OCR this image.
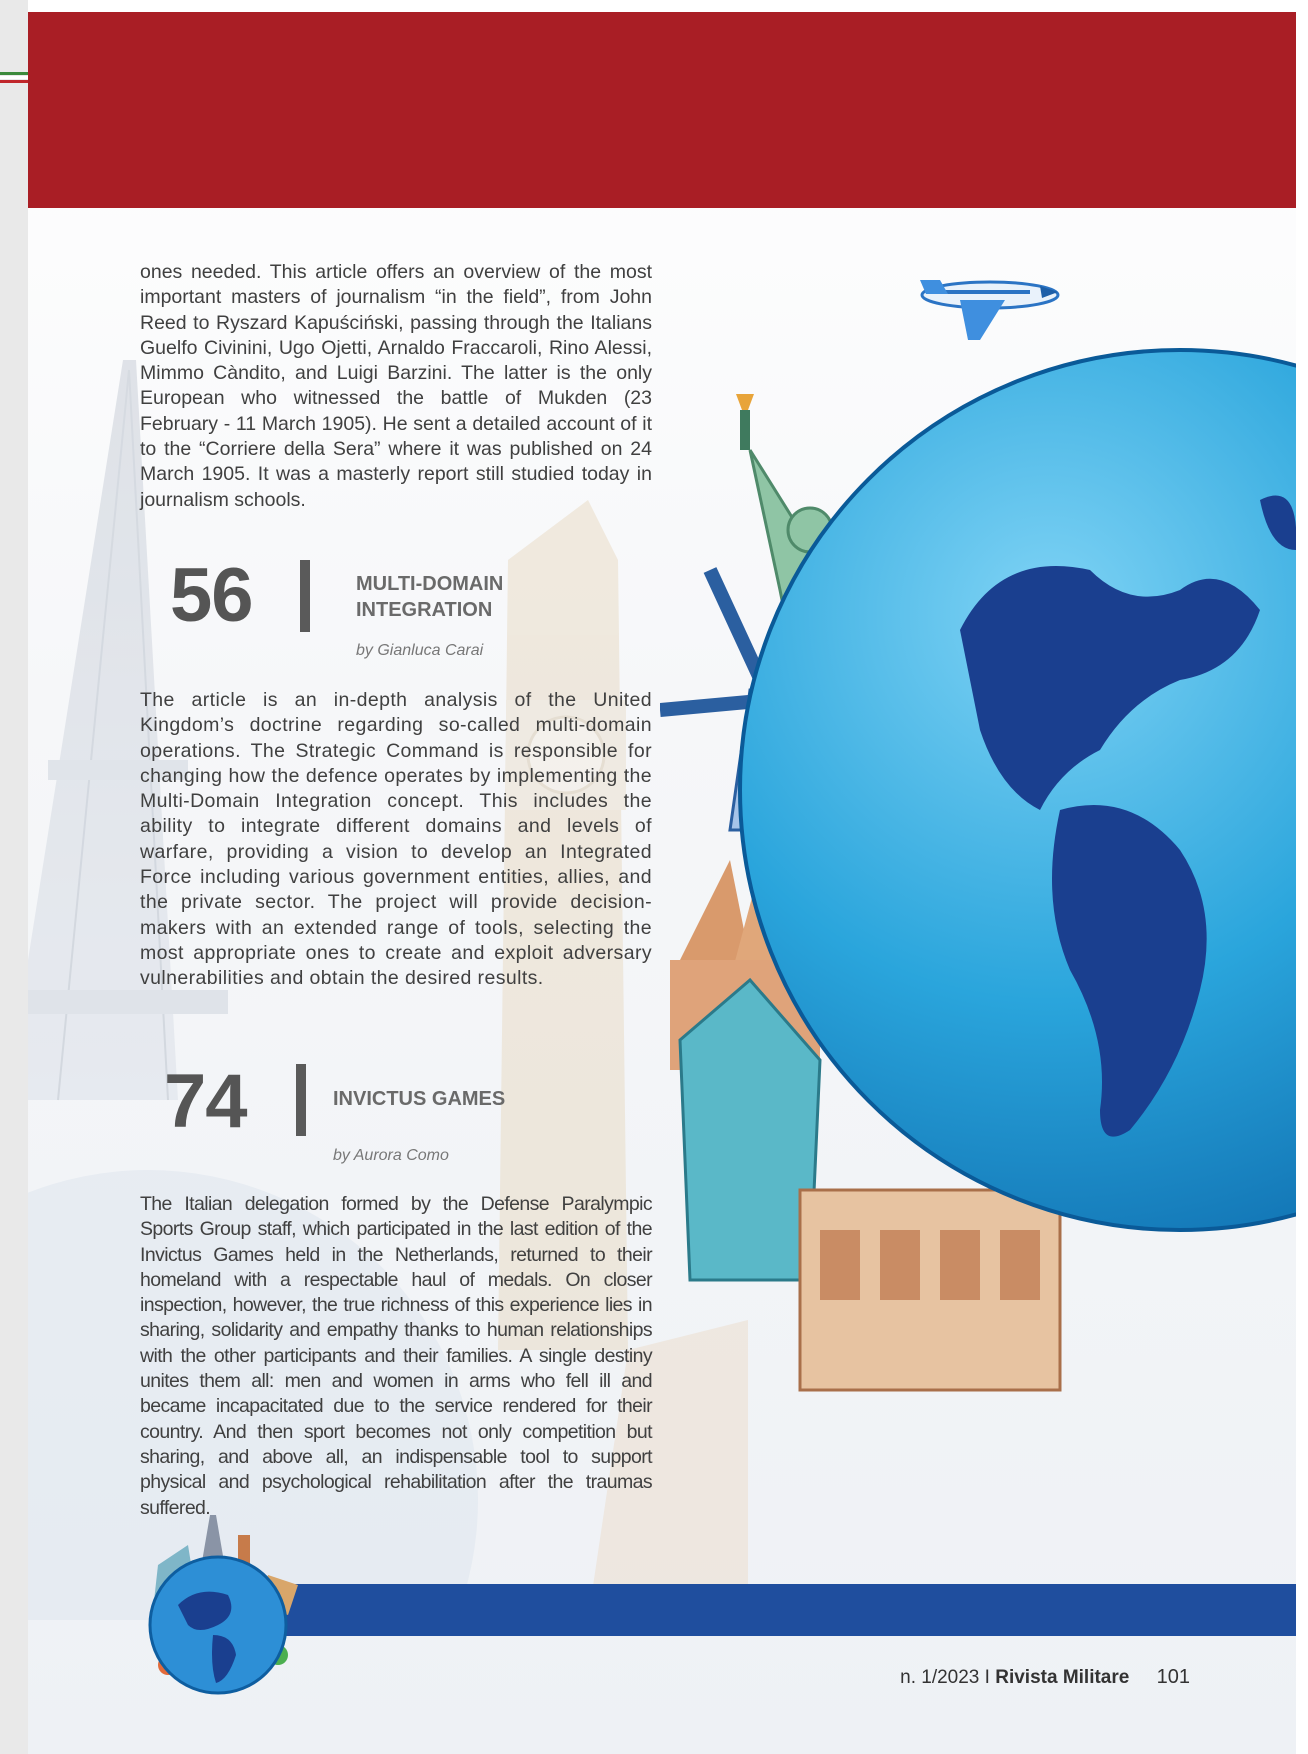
ones needed. This article offers an overview of the most important masters of journalism “in the field”, from John Reed to Ryszard Kapuściński, passing through the Italians Guelfo Civinini, Ugo Ojetti, Arnaldo Fraccaroli, Rino Alessi, Mimmo Càndito, and Luigi Barzini. The latter is the only European who witnessed the battle of Mukden (23 February - 11 March 1905). He sent a detailed account of it to the “Corriere della Sera” where it was published on 24 March 1905. It was a masterly report still studied today in journalism schools.

56	MULTI-DOMAIN
INTEGRATION
by Gianluca Carai

The article is an in-depth analysis of the United Kingdom’s doctrine regarding so-called multi-domain operations. The Strategic Command is responsible for changing how the defence operates by implementing the Multi-Domain Integration concept. This includes the ability to integrate different domains and levels of warfare, providing a vision to develop an Integrated Force including various government entities, allies, and the private sector. The project will provide decision-makers with an extended range of tools, selecting the most appropriate ones to create and exploit adversary vulnerabilities and obtain the desired results.

74	INVICTUS GAMES
by Aurora Como

The Italian delegation formed by the Defense Paralympic Sports Group staff, which participated in the last edition of the Invictus Games held in the Netherlands, returned to their homeland with a respectable haul of medals. On closer inspection, however, the true richness of this experience lies in sharing, solidarity and empathy thanks to human relationships with the other participants and their families. A single destiny unites them all: men and women in arms who fell ill and became incapacitated due to the service rendered for their country. And then sport becomes not only competition but sharing, and above all, an indispensable tool to support physical and psychological rehabilitation after the traumas suffered.

n. 1/2023 I Rivista Militare 101
